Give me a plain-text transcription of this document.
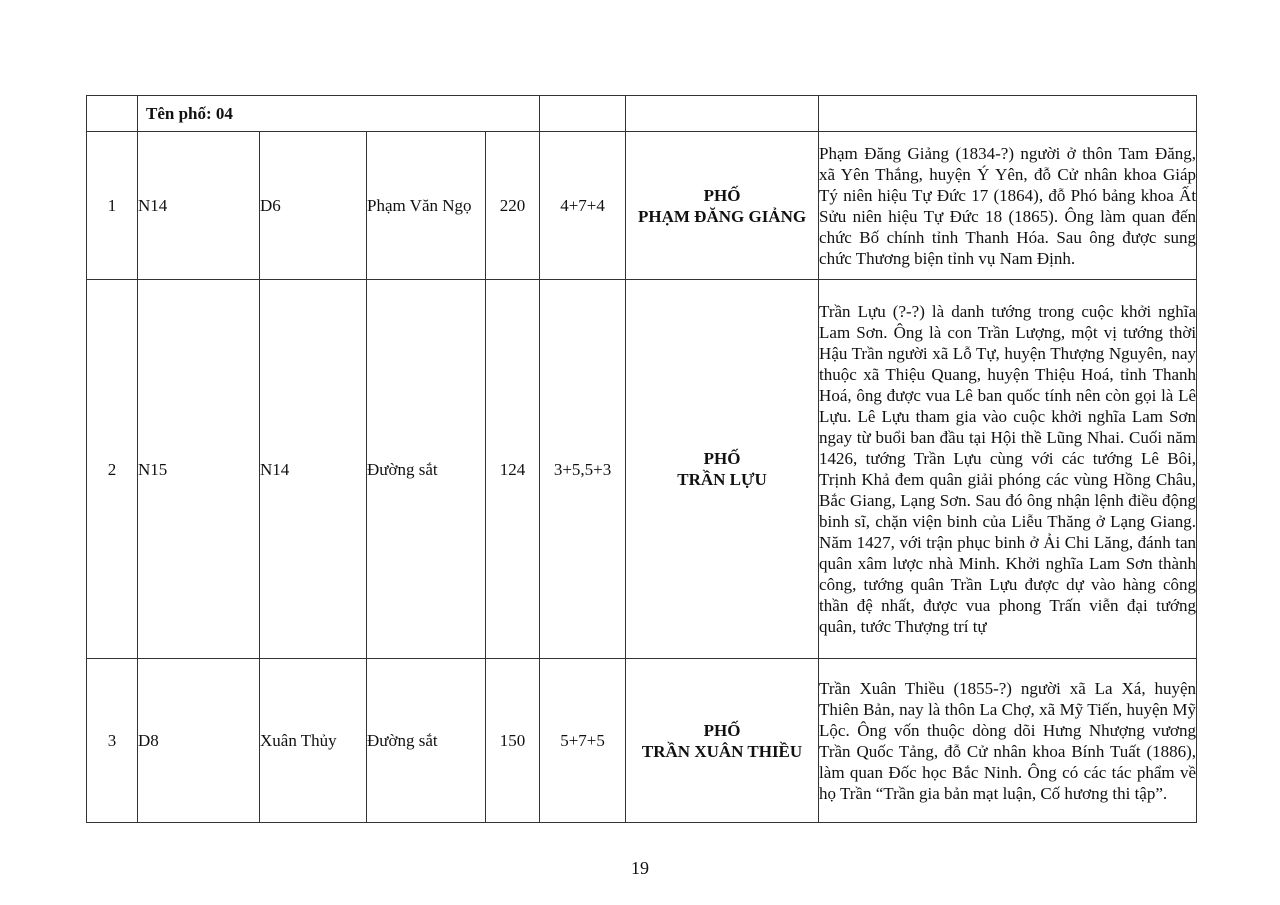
	Tên phố: 04						
1	N14	D6	Phạm Văn Ngọ	220	4+7+4	PHỐ
PHẠM ĐĂNG GIẢNG	Phạm Đăng Giảng (1834-?) người ở thôn Tam Đăng, xã Yên Thắng, huyện Ý Yên, đỗ Cử nhân khoa Giáp Tý niên hiệu Tự Đức 17 (1864), đỗ Phó bảng khoa Ất Sửu niên hiệu Tự Đức 18 (1865). Ông làm quan đến chức Bố chính tỉnh Thanh Hóa. Sau ông được sung chức Thương biện tỉnh vụ Nam Định.
2	N15	N14	Đường sắt	124	3+5,5+3	PHỐ
TRẦN LỰU	Trần Lựu (?-?) là danh tướng trong cuộc khởi nghĩa Lam Sơn. Ông là con Trần Lượng, một vị tướng thời Hậu Trần người xã Lỗ Tự, huyện Thượng Nguyên, nay thuộc xã Thiệu Quang, huyện Thiệu Hoá, tỉnh Thanh Hoá, ông được vua Lê ban quốc tính nên còn gọi là Lê Lựu. Lê Lựu tham gia vào cuộc khởi nghĩa Lam Sơn ngay từ buổi ban đầu tại Hội thề Lũng Nhai. Cuối năm 1426, tướng Trần Lựu cùng với các tướng Lê Bôi, Trịnh Khả đem quân giải phóng các vùng Hồng Châu, Bắc Giang, Lạng Sơn. Sau đó ông nhận lệnh điều động binh sĩ, chặn viện binh của Liễu Thăng ở Lạng Giang. Năm 1427, với trận phục binh ở Ải Chi Lăng, đánh tan quân xâm lược nhà Minh. Khởi nghĩa Lam Sơn thành công, tướng quân Trần Lựu được dự vào hàng công thần đệ nhất, được vua phong Trấn viễn đại tướng quân, tước Thượng trí tự
3	D8	Xuân Thủy	Đường sắt	150	5+7+5	PHỐ
TRẦN XUÂN THIỀU	Trần Xuân Thiều (1855-?) người xã La Xá, huyện Thiên Bản, nay là thôn La Chợ, xã Mỹ Tiến, huyện Mỹ Lộc. Ông vốn thuộc dòng dõi Hưng Nhượng vương Trần Quốc Tảng, đỗ Cử nhân khoa Bính Tuất (1886), làm quan Đốc học Bắc Ninh. Ông có các tác phẩm về họ Trần “Trần gia bản mạt luận, Cố hương thi tập”.
19
